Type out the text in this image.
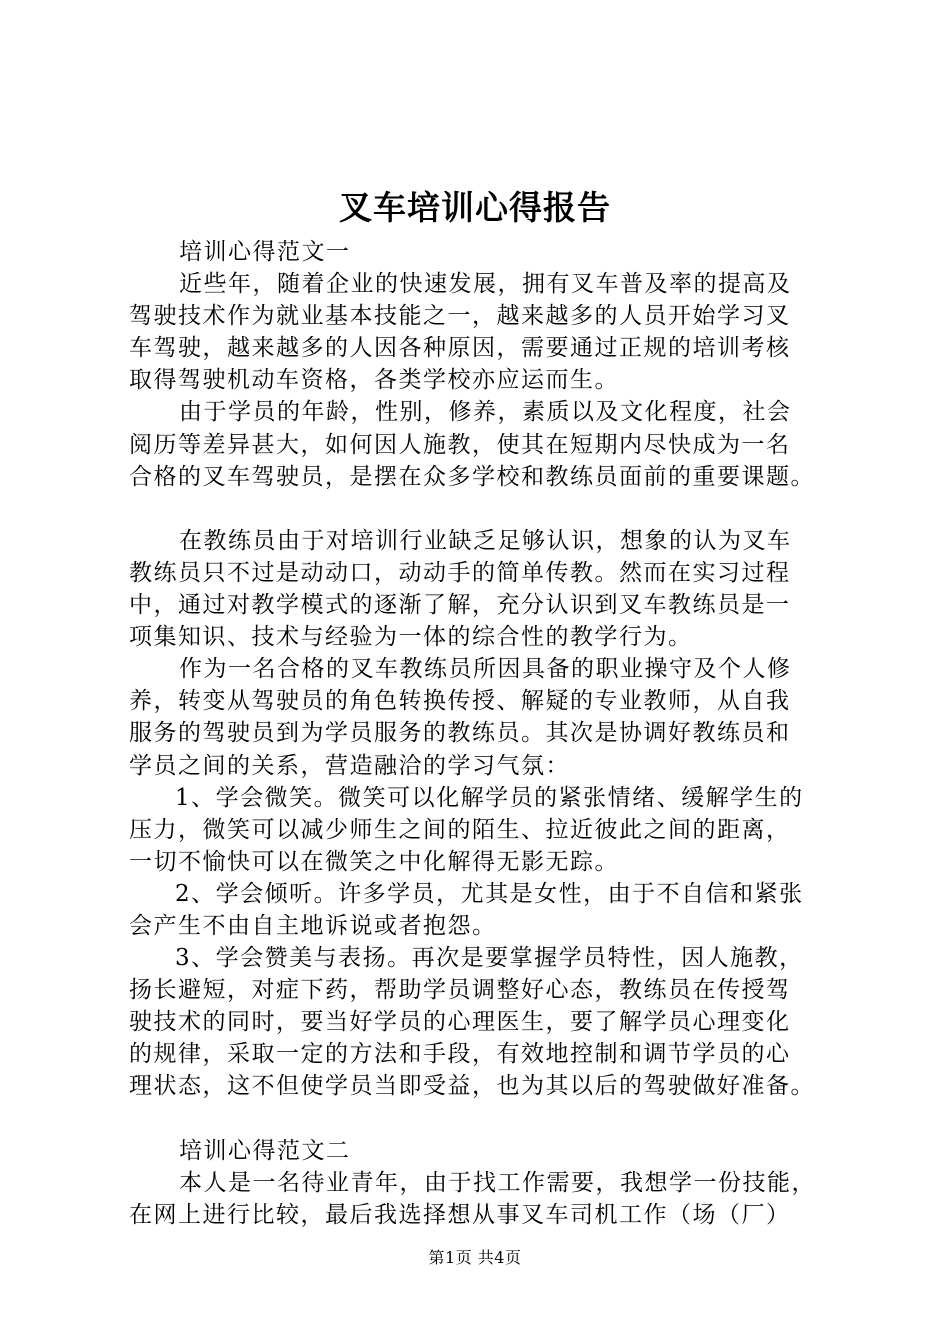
叉车培训心得报告
培训心得范文一
近些年，随着企业的快速发展，拥有叉车普及率的提高及
驾驶技术作为就业基本技能之一，越来越多的人员开始学习叉
车驾驶，越来越多的人因各种原因，需要通过正规的培训考核
取得驾驶机动车资格，各类学校亦应运而生。
由于学员的年龄，性别，修养，素质以及文化程度，社会
阅历等差异甚大，如何因人施教，使其在短期内尽快成为一名
合格的叉车驾驶员，是摆在众多学校和教练员面前的重要课题。
在教练员由于对培训行业缺乏足够认识，想象的认为叉车
教练员只不过是动动口，动动手的简单传教。然而在实习过程
中，通过对教学模式的逐渐了解，充分认识到叉车教练员是一
项集知识、技术与经验为一体的综合性的教学行为。
作为一名合格的叉车教练员所因具备的职业操守及个人修
养，转变从驾驶员的角色转换传授、解疑的专业教师，从自我
服务的驾驶员到为学员服务的教练员。其次是协调好教练员和
学员之间的关系，营造融洽的学习气氛：
1、学会微笑。微笑可以化解学员的紧张情绪、缓解学生的
压力，微笑可以减少师生之间的陌生、拉近彼此之间的距离，
一切不愉快可以在微笑之中化解得无影无踪。
2、学会倾听。许多学员，尤其是女性，由于不自信和紧张
会产生不由自主地诉说或者抱怨。
3、学会赞美与表扬。再次是要掌握学员特性，因人施教，
扬长避短，对症下药，帮助学员调整好心态，教练员在传授驾
驶技术的同时，要当好学员的心理医生，要了解学员心理变化
的规律，采取一定的方法和手段，有效地控制和调节学员的心
理状态，这不但使学员当即受益，也为其以后的驾驶做好准备。
培训心得范文二
本人是一名待业青年，由于找工作需要，我想学一份技能，
在网上进行比较，最后我选择想从事叉车司机工作（场（厂）
第1页 共4页
